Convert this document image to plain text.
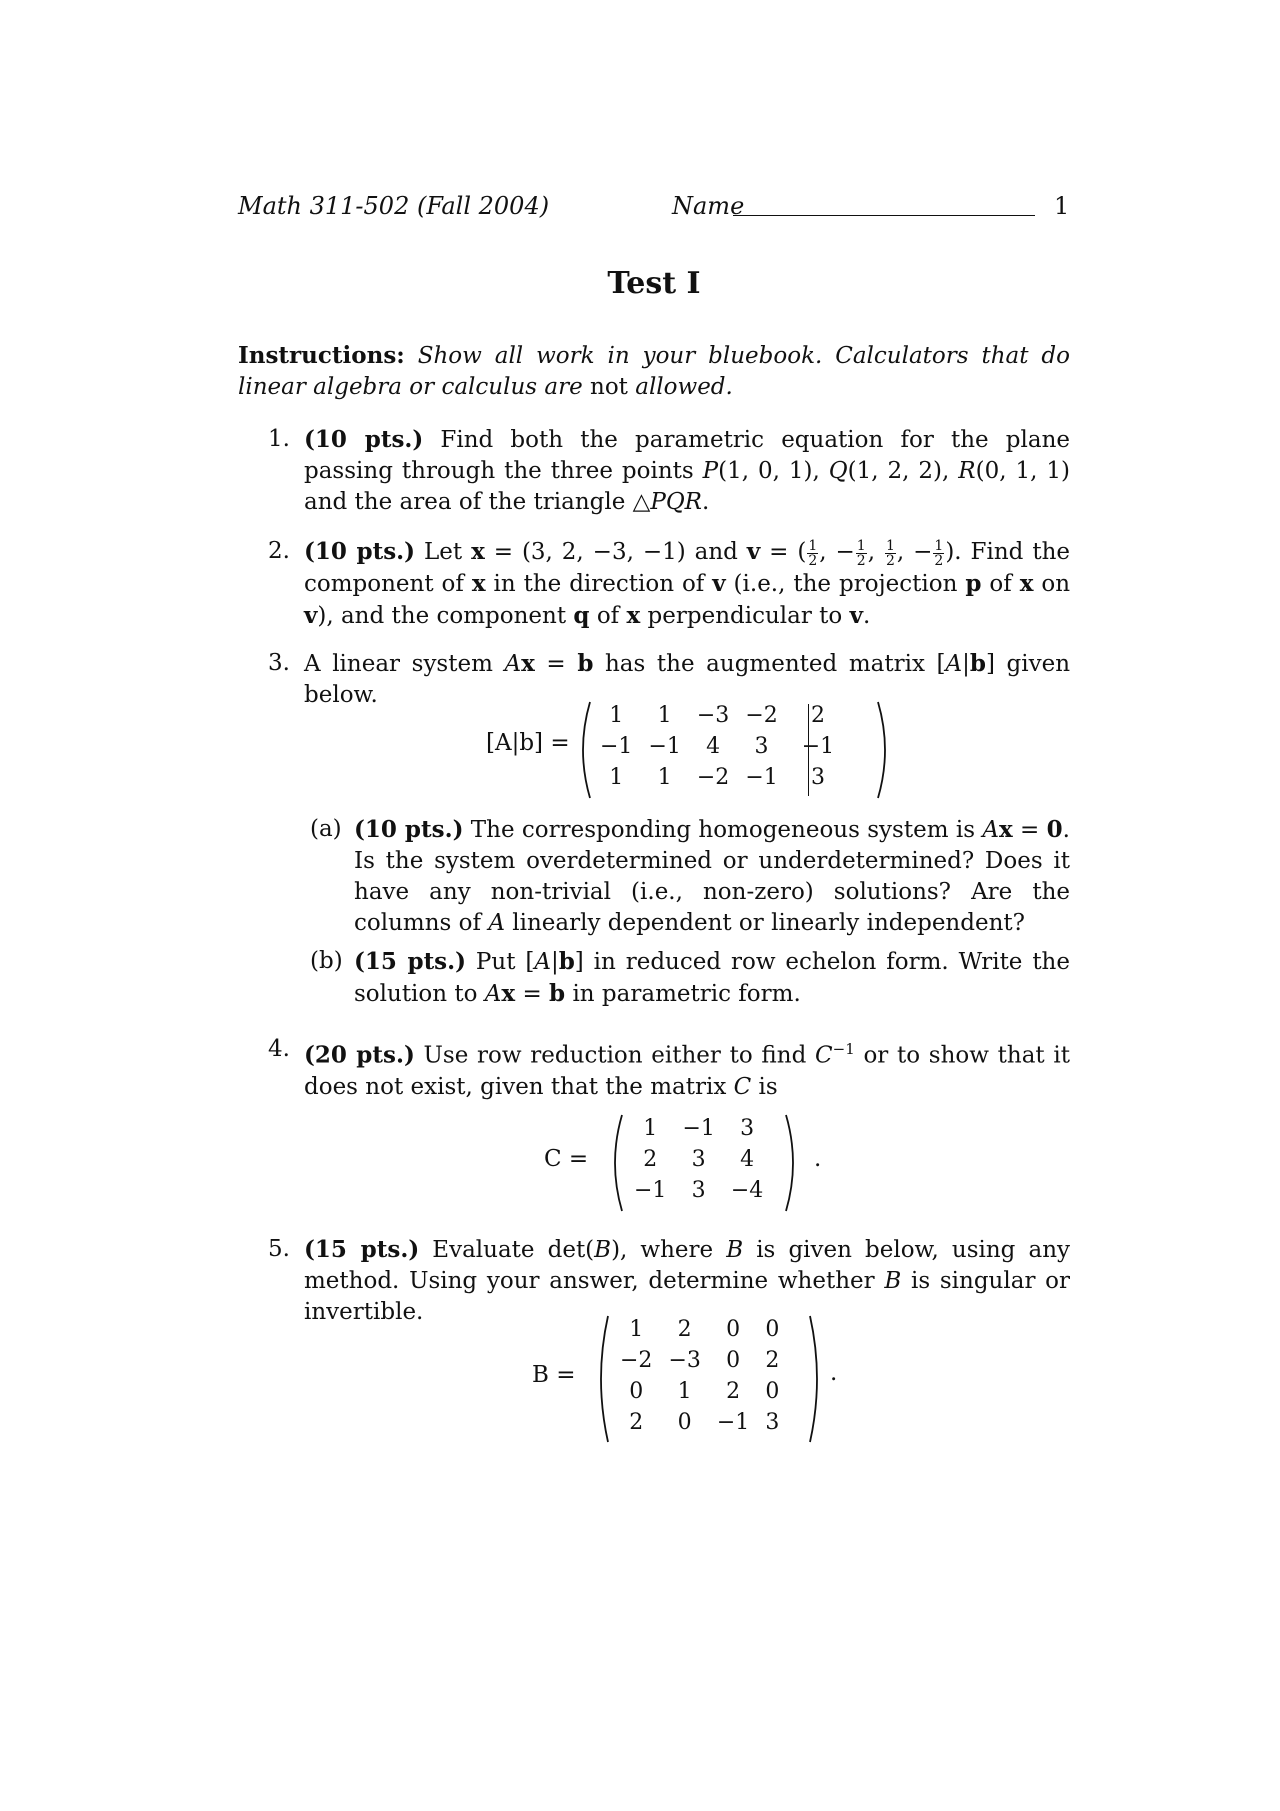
Math 311-502 (Fall 2004)	Name	1
Test I
Instructions: Show all work in your bluebook. Calculators that do linear algebra or calculus are not allowed.
1. (10 pts.) Find both the parametric equation for the plane passing through the three points P(1, 0, 1), Q(1, 2, 2), R(0, 1, 1) and the area of the triangle △PQR.

2. (10 pts.) Let x = (3, 2, −3, −1) and v = ( $\frac{1}{2}$ , − $\frac{1}{2}$ , $\frac{1}{2}$ , − $\frac{1}{2}$ ). Find the component of x in the direction of v (i.e., the projection p of x on v), and the component q of x perpendicular to v.

3. A linear system Ax = b has the augmented matrix [A|b] given below.

[A|b] =
1	1	−3	−2	2
−1	−1	4	3	−1
1	1	−2	−1	3
(a) (10 pts.) The corresponding homogeneous system is Ax = 0. Is the system overdetermined or underdetermined? Does it have any non-trivial (i.e., non-zero) solutions? Are the columns of A linearly dependent or linearly independent?

(b) (15 pts.) Put [A|b] in reduced row echelon form. Write the solution to Ax = b in parametric form.

4. (20 pts.) Use row reduction either to find $C^{-1}$ or to show that it does not exist, given that the matrix C is

C =
1	−1	3
2	3	4
−1	3	−4
.
5. (15 pts.) Evaluate det(B), where B is given below, using any method. Using your answer, determine whether B is singular or invertible.

B =
1	2	0	0
−2	−3	0	2
0	1	2	0
2	0	−1	3
.
